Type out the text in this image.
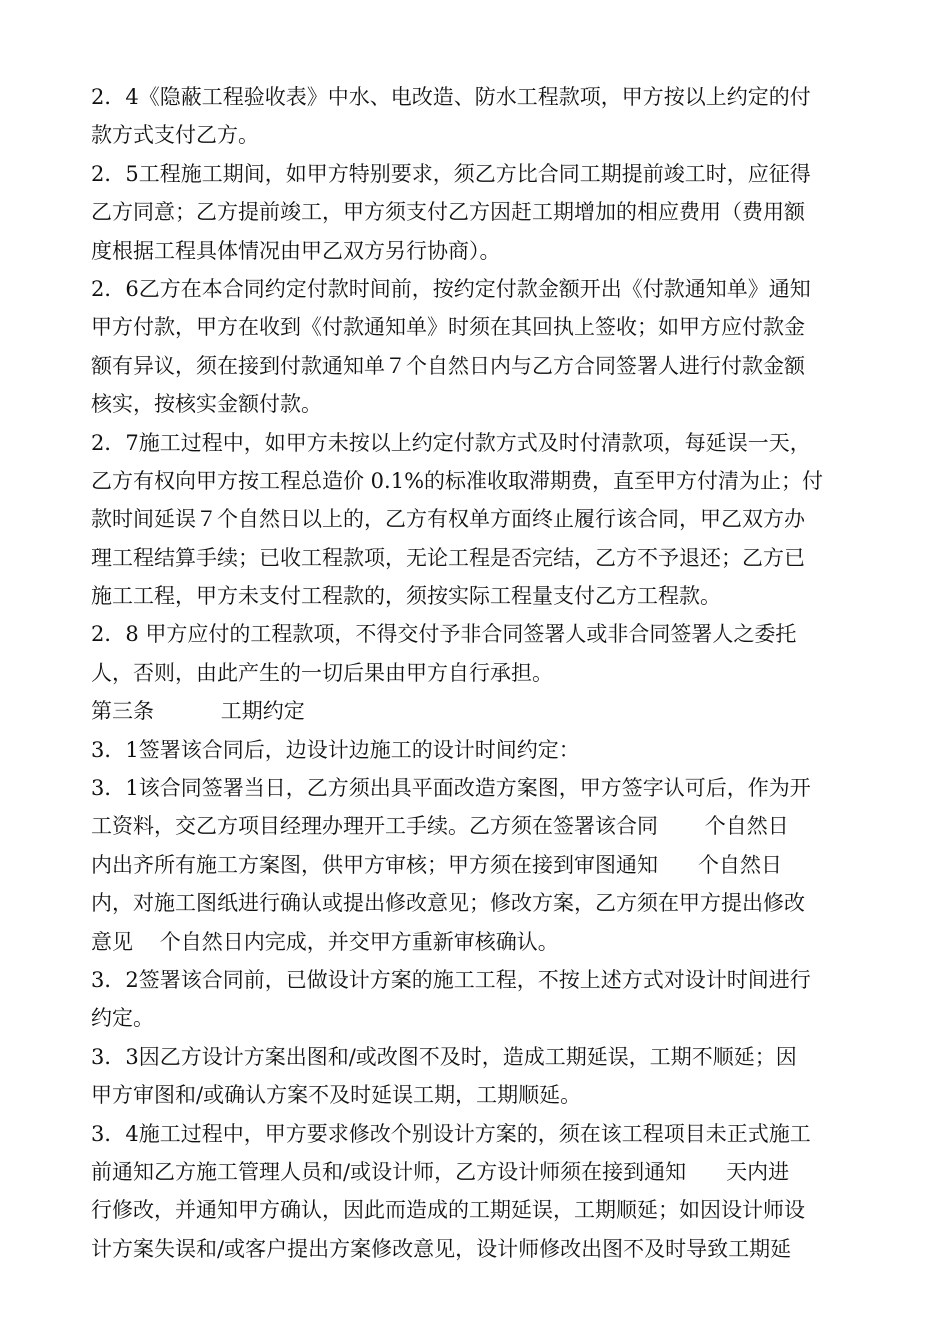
2．4《隐蔽工程验收表》中水、电改造、防水工程款项，甲方按以上约定的付
款方式支付乙方。
2．5工程施工期间，如甲方特别要求，须乙方比合同工期提前竣工时，应征得
乙方同意；乙方提前竣工，甲方须支付乙方因赶工期增加的相应费用（费用额
度根据工程具体情况由甲乙双方另行协商）。
2．6乙方在本合同约定付款时间前，按约定付款金额开出《付款通知单》通知
甲方付款，甲方在收到《付款通知单》时须在其回执上签收；如甲方应付款金
额有异议，须在接到付款通知单７个自然日内与乙方合同签署人进行付款金额
核实，按核实金额付款。
2．7施工过程中，如甲方未按以上约定付款方式及时付清款项，每延误一天，
乙方有权向甲方按工程总造价 0.1%的标准收取滞期费，直至甲方付清为止；付
款时间延误７个自然日以上的，乙方有权单方面终止履行该合同，甲乙双方办
理工程结算手续；已收工程款项，无论工程是否完结，乙方不予退还；乙方已
施工工程，甲方未支付工程款的，须按实际工程量支付乙方工程款。
2．8 甲方应付的工程款项，不得交付予非合同签署人或非合同签署人之委托
人，否则，由此产生的一切后果由甲方自行承担。
第三条          工期约定
3．1签署该合同后，边设计边施工的设计时间约定：
3．1该合同签署当日，乙方须出具平面改造方案图，甲方签字认可后，作为开
工资料，交乙方项目经理办理开工手续。乙方须在签署该合同       个自然日
内出齐所有施工方案图，供甲方审核；甲方须在接到审图通知      个自然日
内，对施工图纸进行确认或提出修改意见；修改方案，乙方须在甲方提出修改
意见    个自然日内完成，并交甲方重新审核确认。
3．2签署该合同前，已做设计方案的施工工程，不按上述方式对设计时间进行
约定。
3．3因乙方设计方案出图和/或改图不及时，造成工期延误，工期不顺延；因
甲方审图和/或确认方案不及时延误工期，工期顺延。
3．4施工过程中，甲方要求修改个别设计方案的，须在该工程项目未正式施工
前通知乙方施工管理人员和/或设计师，乙方设计师须在接到通知      天内进
行修改，并通知甲方确认，因此而造成的工期延误，工期顺延；如因设计师设
计方案失误和/或客户提出方案修改意见，设计师修改出图不及时导致工期延
